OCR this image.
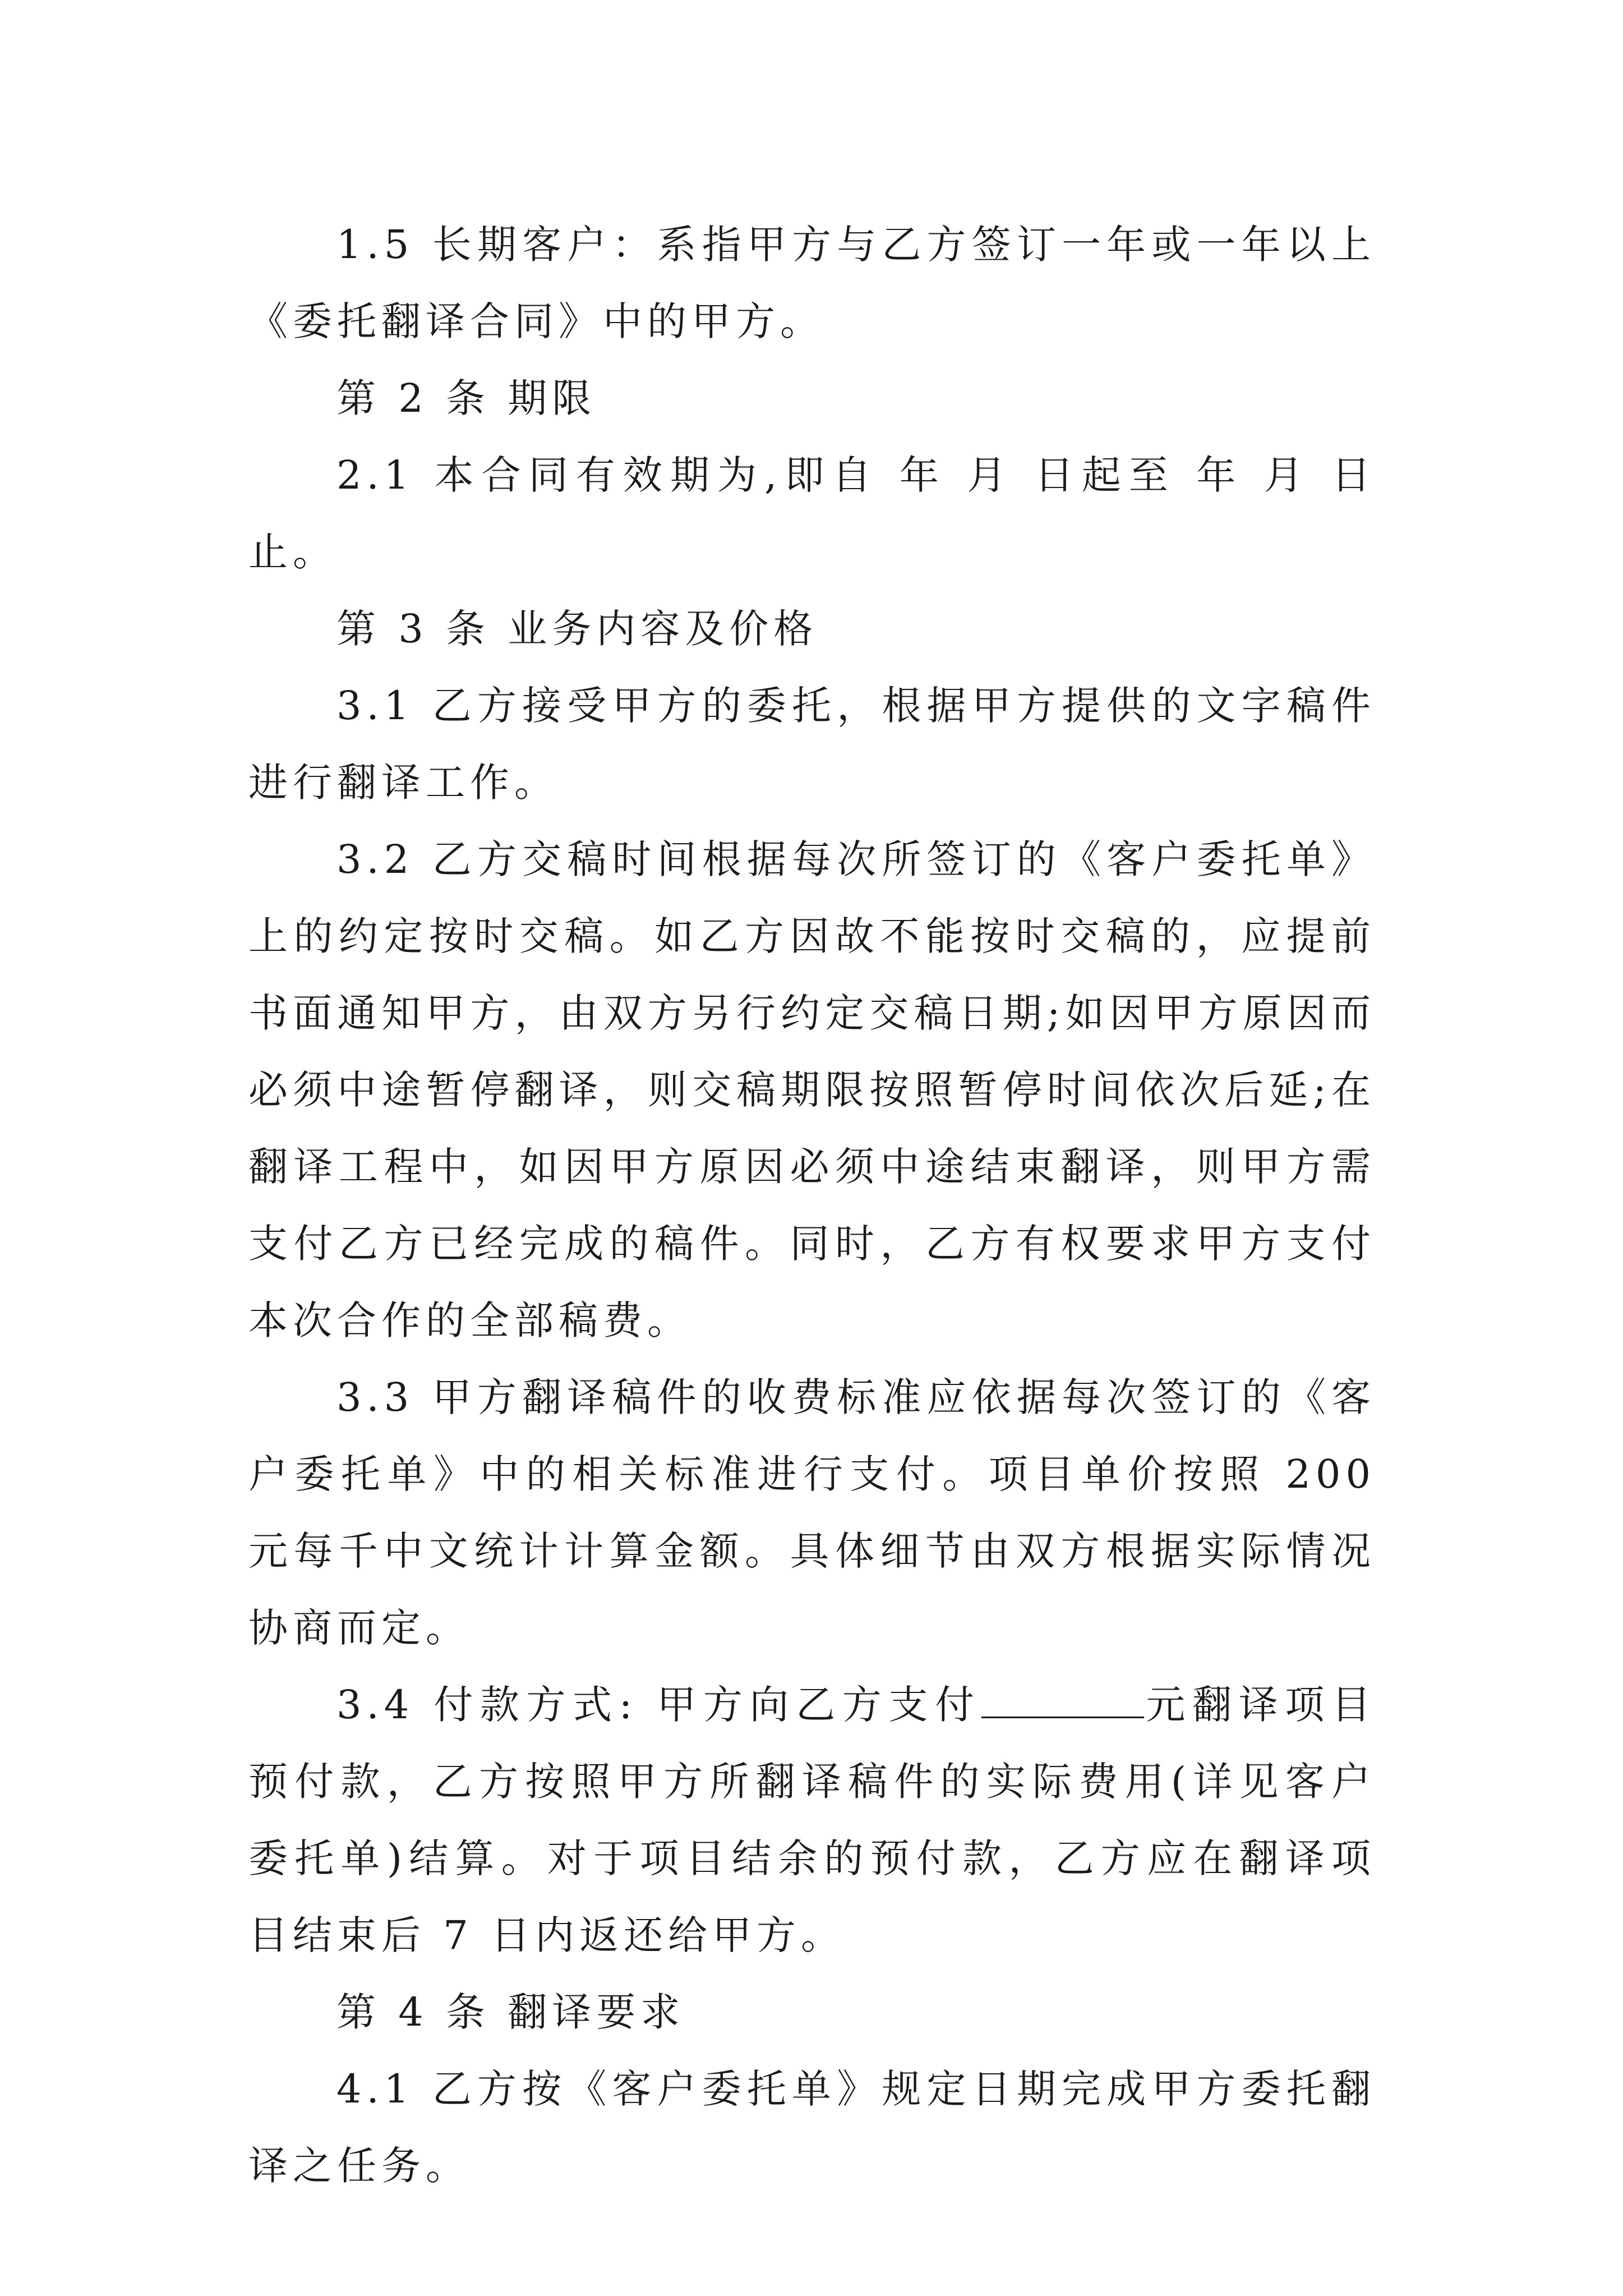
1.5 长期客户：系指甲方与乙方签订一年或一年以上《委托翻译合同》中的甲方。

第 2 条 期限

2.1 本合同有效期为,即自 年 月 日起至 年 月 日止。

第 3 条 业务内容及价格

3.1 乙方接受甲方的委托，根据甲方提供的文字稿件进行翻译工作。

3.2 乙方交稿时间根据每次所签订的《客户委托单》上的约定按时交稿。如乙方因故不能按时交稿的，应提前书面通知甲方，由双方另行约定交稿日期;如因甲方原因而必须中途暂停翻译，则交稿期限按照暂停时间依次后延;在翻译工程中，如因甲方原因必须中途结束翻译，则甲方需支付乙方已经完成的稿件。同时，乙方有权要求甲方支付本次合作的全部稿费。

3.3 甲方翻译稿件的收费标准应依据每次签订的《客户委托单》中的相关标准进行支付。项目单价按照 200 元每千中文统计计算金额。具体细节由双方根据实际情况协商而定。

3.4 付款方式: 甲方向乙方支付	元翻译项目预付款，乙方按照甲方所翻译稿件的实际费用(详见客户委托单)结算。对于项目结余的预付款，乙方应在翻译项目结束后 7 日内返还给甲方。

第 4 条 翻译要求

4.1 乙方按《客户委托单》规定日期完成甲方委托翻译之任务。
